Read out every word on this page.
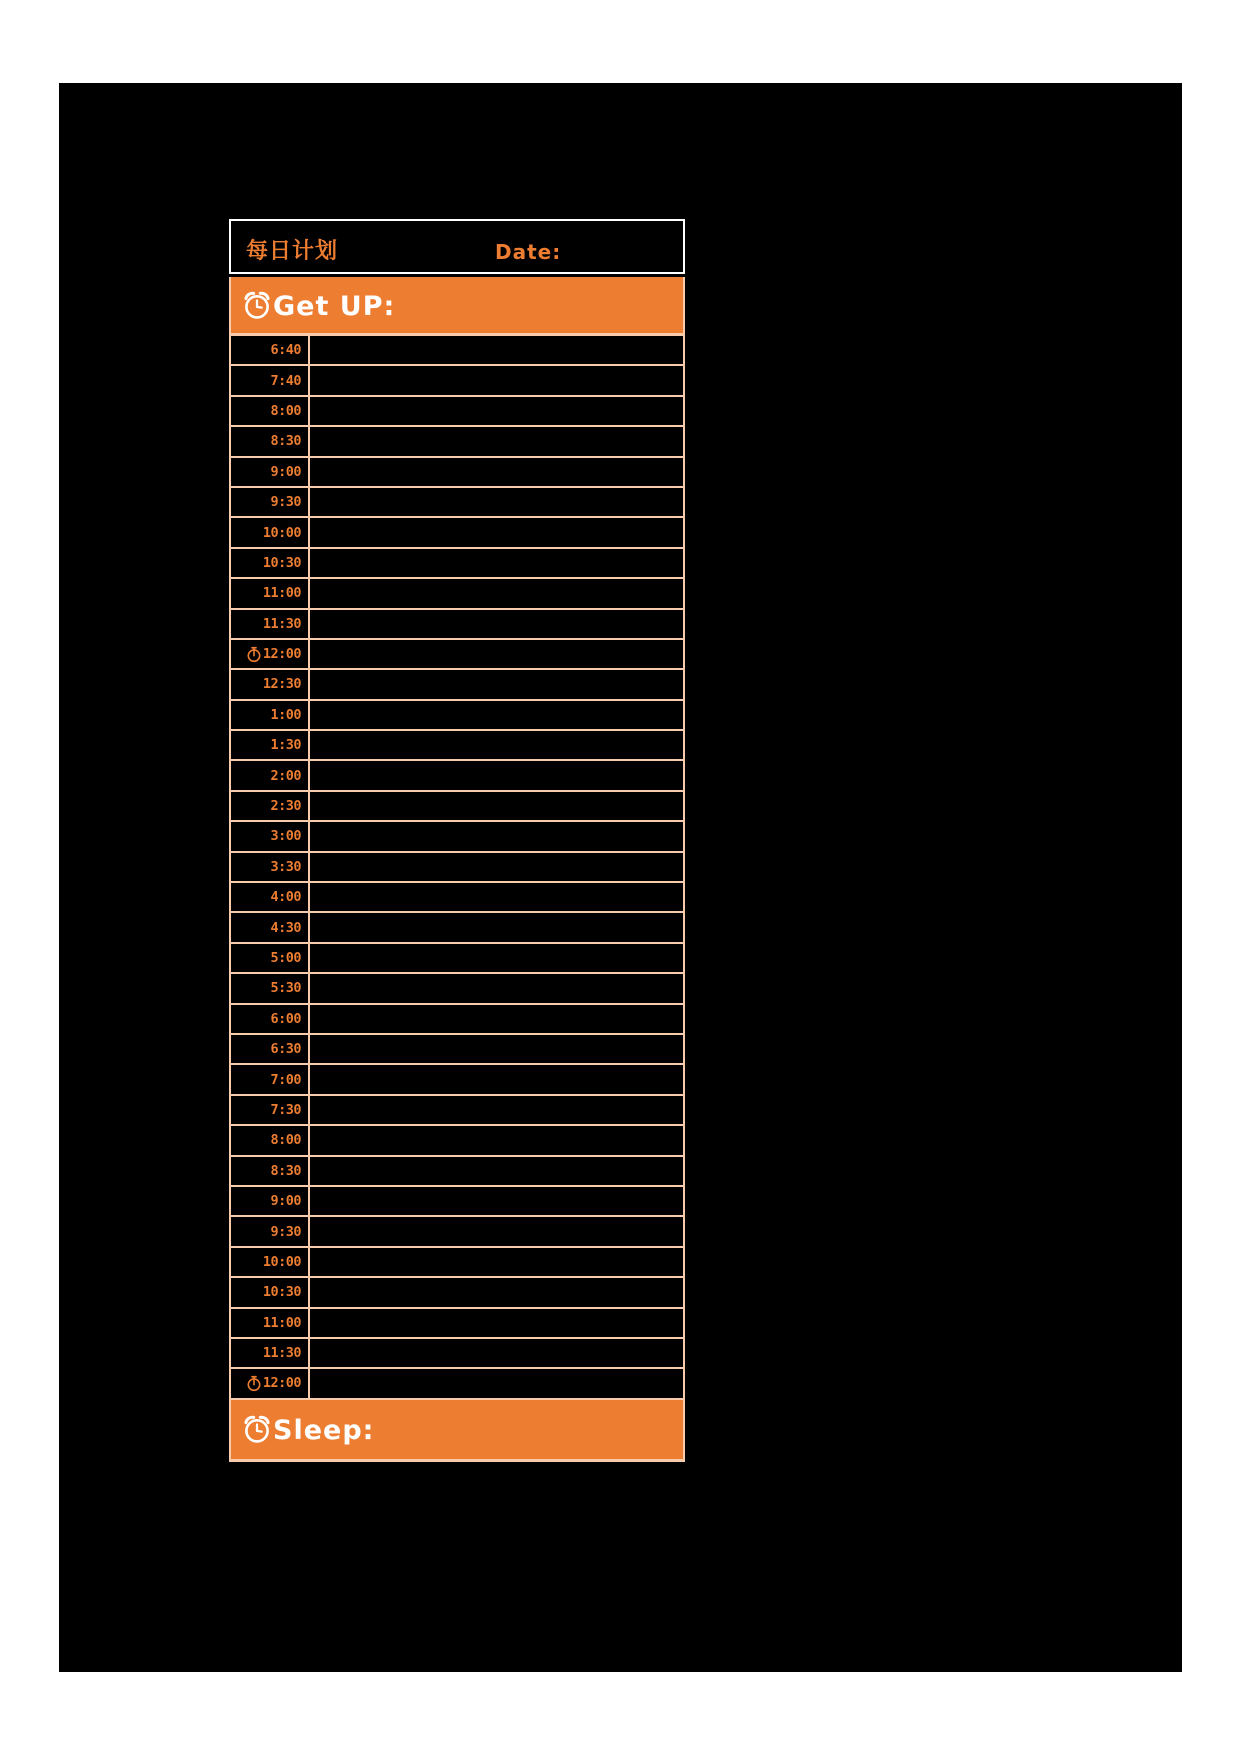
每日计划	Date:
Get UP:
6:40
7:40
8:00
8:30
9:00
9:30
10:00
10:30
11:00
11:30
12:00
12:30
1:00
1:30
2:00
2:30
3:00
3:30
4:00
4:30
5:00
5:30
6:00
6:30
7:00
7:30
8:00
8:30
9:00
9:30
10:00
10:30
11:00
11:30
12:00
Sleep:
